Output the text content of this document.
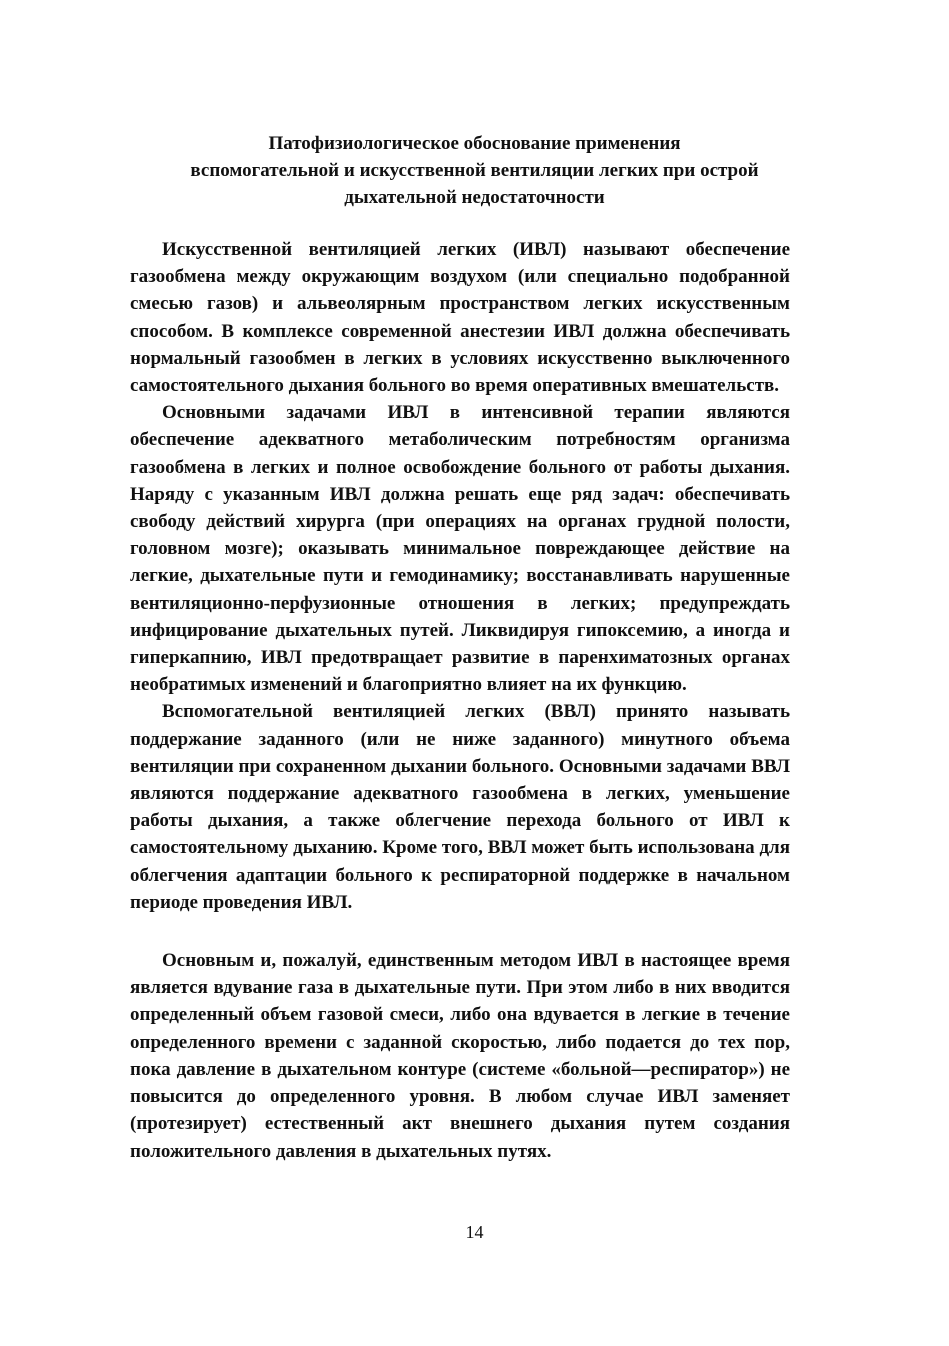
Патофизиологическое обоснование применения
вспомогательной и искусственной вентиляции легких при острой
дыхательной недостаточности

Искусственной вентиляцией легких (ИВЛ) называют обеспечение газообмена между окружающим воздухом (или специально подобранной смесью газов) и альвеолярным пространством легких искусственным способом. В комплексе современной анестезии ИВЛ должна обеспечивать нормальный газообмен в легких в условиях искусственно выключенного самостоятельного дыхания больного во время оперативных вмешательств.

Основными задачами ИВЛ в интенсивной терапии являются обеспечение адекватного метаболическим потребностям организма газообмена в легких и полное освобождение больного от работы дыхания. Наряду с указанным ИВЛ должна решать еще ряд задач: обеспечивать свободу действий хирурга (при операциях на органах грудной полости, головном мозге); оказывать минимальное повреждающее действие на легкие, дыхательные пути и гемодинамику; восстанавливать нарушенные вентиляционно-перфузионные отношения в легких; предупреждать инфицирование дыхательных путей. Ликвидируя гипоксемию, а иногда и гиперкапнию, ИВЛ предотвращает развитие в паренхиматозных органах необратимых изменений и благоприятно влияет на их функцию.

Вспомогательной вентиляцией легких (ВВЛ) принято называть поддержание заданного (или не ниже заданного) минутного объема вентиляции при сохраненном дыхании больного. Основными задачами ВВЛ являются поддержание адекватного газообмена в легких, уменьшение работы дыхания, а также облегчение перехода больного от ИВЛ к самостоятельному дыханию. Кроме того, ВВЛ может быть использована для облегчения адаптации больного к респираторной поддержке в начальном периоде проведения ИВЛ.

Основным и, пожалуй, единственным методом ИВЛ в настоящее время является вдувание газа в дыхательные пути. При этом либо в них вводится определенный объем газовой смеси, либо она вдувается в легкие в течение определенного времени с заданной скоростью, либо подается до тех пор, пока давление в дыхательном контуре (системе «больной—респиратор») не повысится до определенного уровня. В любом случае ИВЛ заменяет (протезирует) естественный акт внешнего дыхания путем создания положительного давления в дыхательных путях.

14
